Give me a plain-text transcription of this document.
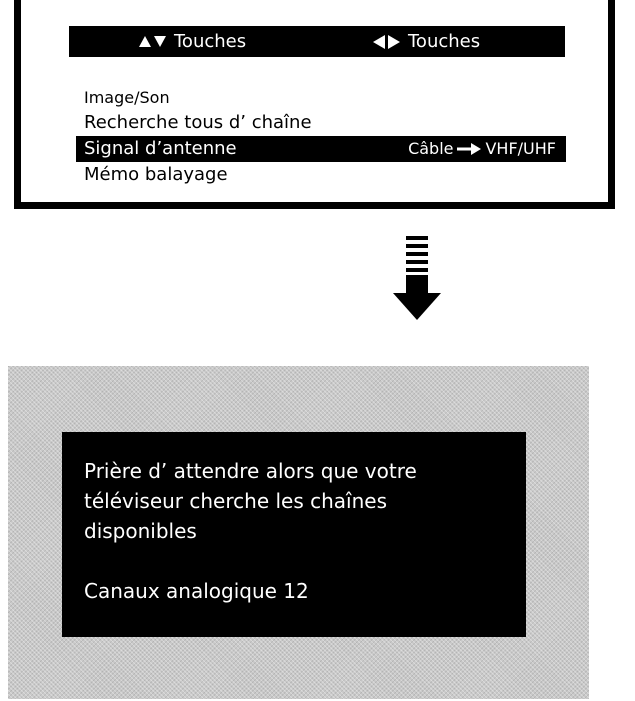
Touches	Touches
Image/Son
Recherche tous d’ chaîne
Signal d’antenne	Câble VHF/UHF
Mémo balayage

Prière d’ attendre alors que votre téléviseur cherche les chaînes disponibles

Canaux analogique 12
